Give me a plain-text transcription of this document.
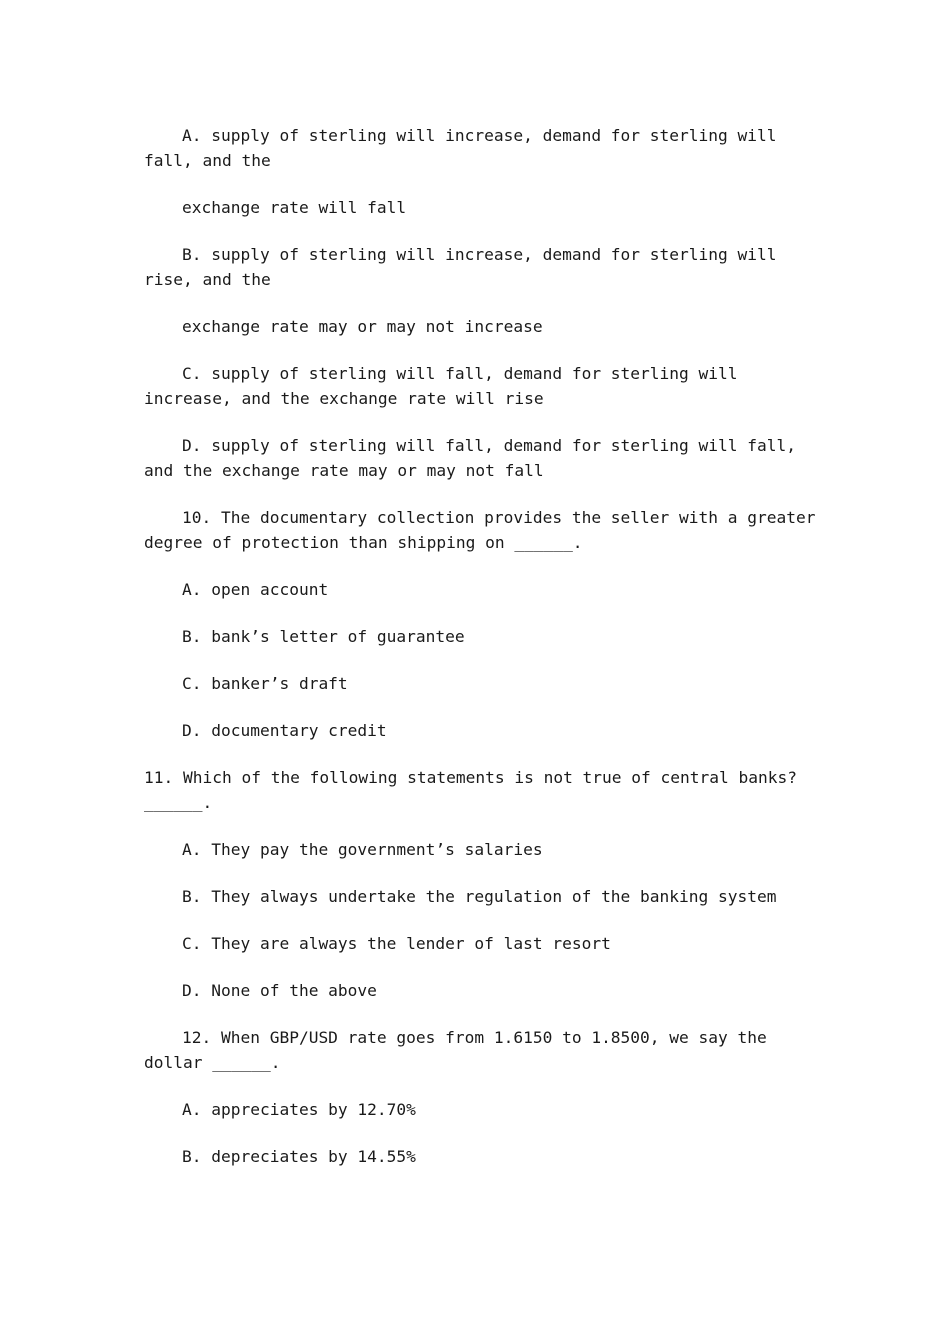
A. supply of sterling will increase, demand for sterling will fall, and the

exchange rate will fall

B. supply of sterling will increase, demand for sterling will rise, and the

exchange rate may or may not increase

C. supply of sterling will fall, demand for sterling will increase, and the exchange rate will rise

D. supply of sterling will fall, demand for sterling will fall, and the exchange rate may or may not fall

10. The documentary collection provides the seller with a greater degree of protection than shipping on ______.

A. open account

B. bank’s letter of guarantee

C. banker’s draft

D. documentary credit

11. Which of the following statements is not true of central banks? ______.

A. They pay the government’s salaries

B. They always undertake the regulation of the banking system

C. They are always the lender of last resort

D. None of the above

12. When GBP/USD rate goes from 1.6150 to 1.8500, we say the dollar ______.

A. appreciates by 12.70%

B. depreciates by 14.55%
